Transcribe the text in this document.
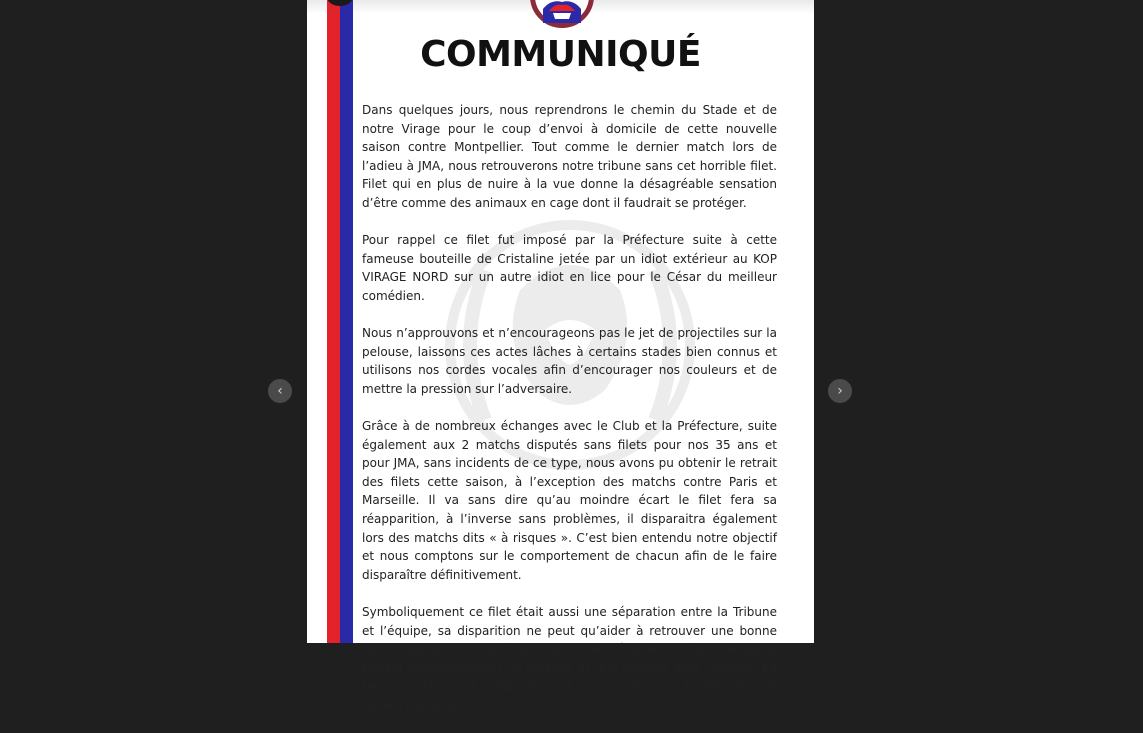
‹
COMMUNIQUÉ

Dans quelques jours, nous reprendrons le chemin du Stade et de notre Virage pour le coup d’envoi à domicile de cette nouvelle saison contre Montpellier. Tout comme le dernier match lors de l’adieu à JMA, nous retrouverons notre tribune sans cet horrible filet. Filet qui en plus de nuire à la vue donne la désagréable sensation d’être comme des animaux en cage dont il faudrait se protéger.

Pour rappel ce filet fut imposé par la Préfecture suite à cette fameuse bouteille de Cristaline jetée par un idiot extérieur au KOP VIRAGE NORD sur un autre idiot en lice pour le César du meilleur comédien.

Nous n’approuvons et n’encourageons pas le jet de projectiles sur la pelouse, laissons ces actes lâches à certains stades bien connus et utilisons nos cordes vocales afin d’encourager nos couleurs et de mettre la pression sur l’adversaire.

Grâce à de nombreux échanges avec le Club et la Préfecture, suite également aux 2 matchs disputés sans filets pour nos 35 ans et pour JMA, sans incidents de ce type, nous avons pu obtenir le retrait des filets cette saison, à l’exception des matchs contre Paris et Marseille. Il va sans dire qu’au moindre écart le filet fera sa réapparition, à l’inverse sans problèmes, il disparaitra également lors des matchs dits « à risques ». C’est bien entendu notre objectif et nous comptons sur le comportement de chacun afin de le faire disparaître définitivement.

Symboliquement ce filet était aussi une séparation entre la Tribune et l’équipe, sa disparition ne peut qu’aider à retrouver une bonne dynamique entre nous. Bien entendu les résultats et l’attitude sur le terrain conditionneront un partage et une osmose avec l’équipe. La balle est dans leur camp. Quant à nous soyons à la hauteur de nos 36 ans d’existence,

›
